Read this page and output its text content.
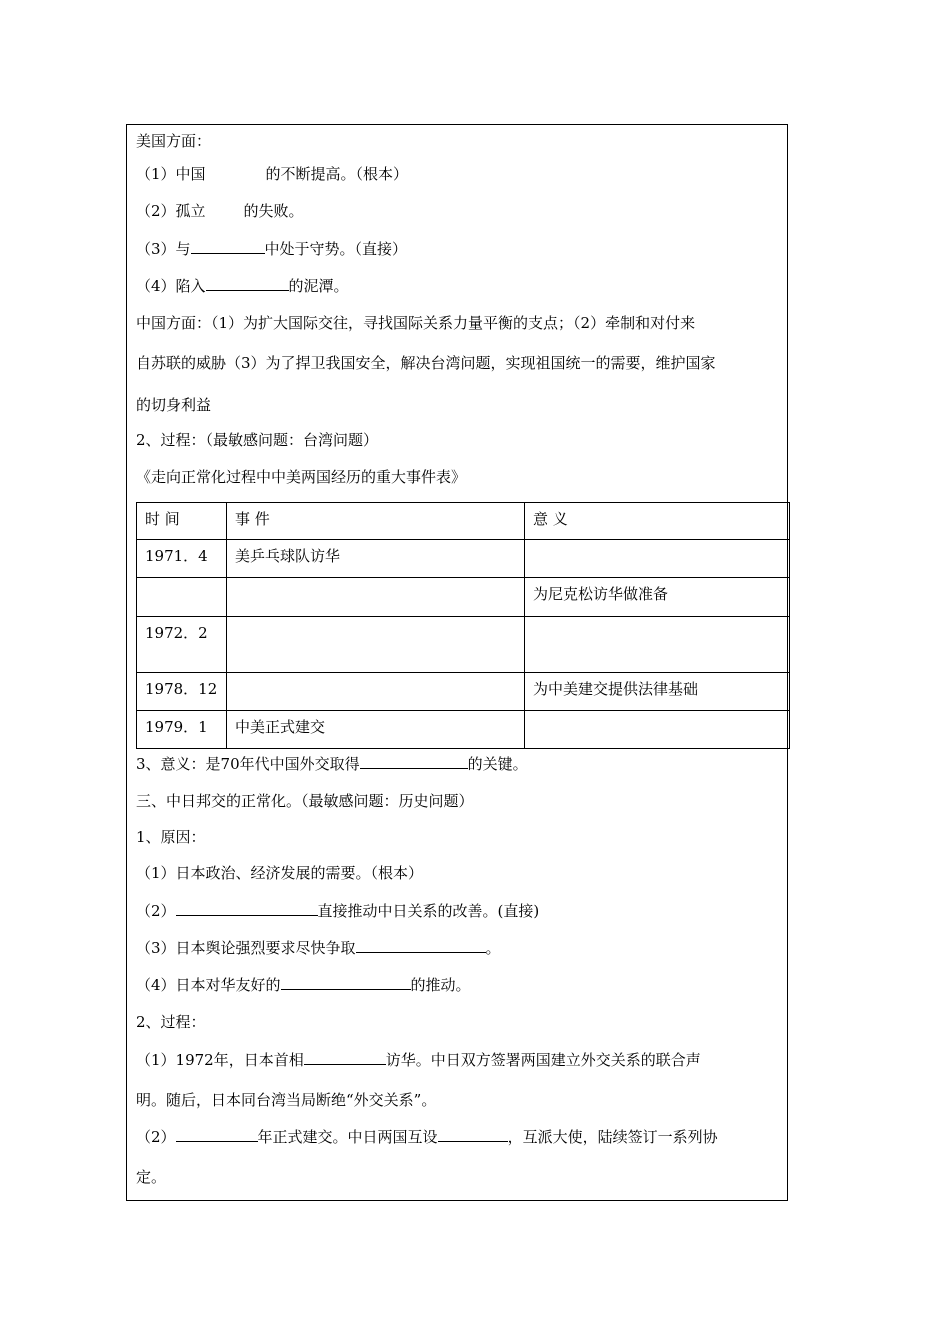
美国方面：
（1）中国	的不断提高。（根本）
（2）孤立	的失败。
（3）与	中处于守势。（直接）
（4）陷入	的泥潭。
中国方面：（1）为扩大国际交往，寻找国际关系力量平衡的支点；（2）牵制和对付来
自苏联的威胁（3）为了捍卫我国安全，解决台湾问题，实现祖国统一的需要，维护国家
的切身利益
2、过程：（最敏感问题：台湾问题）
《走向正常化过程中中美两国经历的重大事件表》
时 间	事 件	意 义
1971．4	美乒乓球队访华	
		为尼克松访华做准备
1972．2		
1978．12		为中美建交提供法律基础
1979．1	中美正式建交	
3、意义：是70年代中国外交取得	的关键。
三、中日邦交的正常化。（最敏感问题：历史问题）
1、原因：
（1）日本政治、经济发展的需要。（根本）
（2）	直接推动中日关系的改善。(直接)
（3）日本舆论强烈要求尽快争取	。
（4）日本对华友好的	的推动。
2、过程：
（1）1972年，日本首相	访华。中日双方签署两国建立外交关系的联合声
明。随后，日本同台湾当局断绝“外交关系”。
（2）	年正式建交。中日两国互设	，互派大使，陆续签订一系列协
定。
